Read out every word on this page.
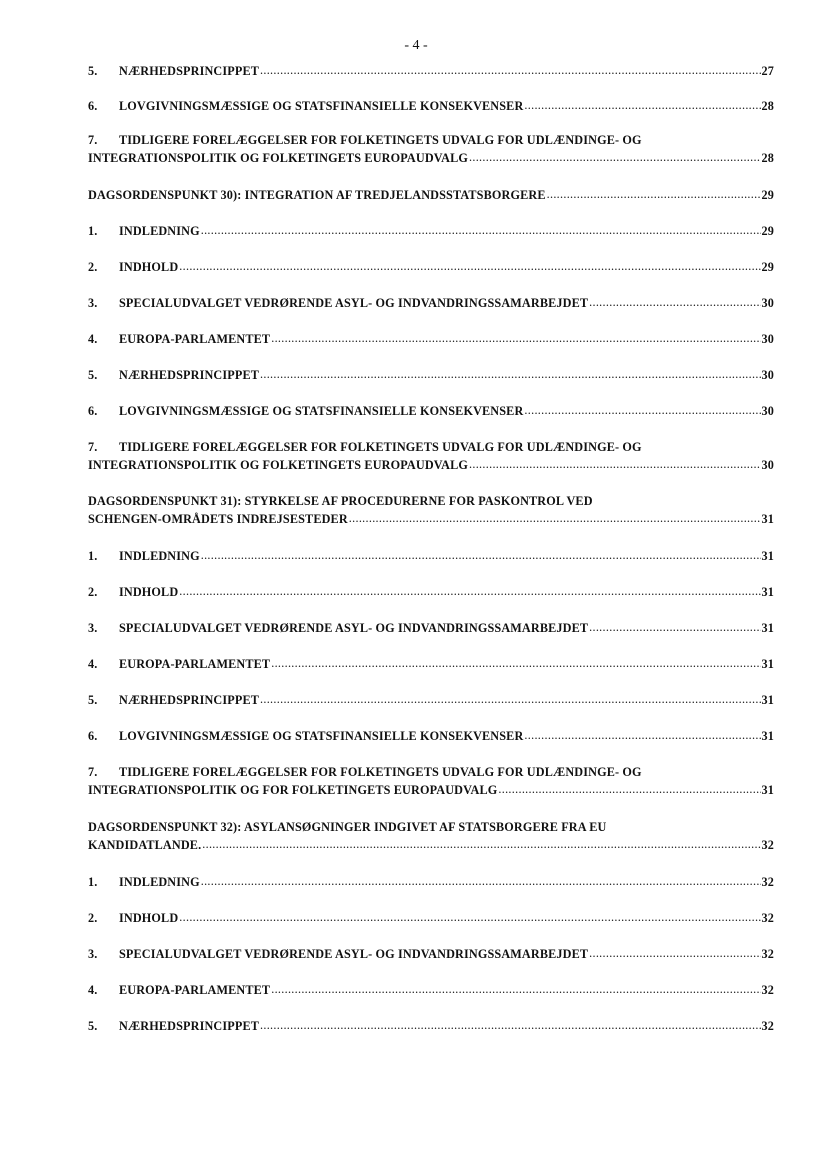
- 4 -
5.	NÆRHEDSPRINCIPPET .....	27
6.	LOVGIVNINGSMÆSSIGE OG STATSFINANSIELLE KONSEKVENSER .....	28
7.	TIDLIGERE FORELÆGGELSER FOR FOLKETINGETS UDVALG FOR UDLÆNDINGE- OG
INTEGRATIONSPOLITIK OG FOLKETINGETS EUROPAUDVALG .....	28
DAGSORDENSPUNKT 30): INTEGRATION AF TREDJELANDSSTATSBORGERE .....	29
1.	INDLEDNING .....	29
2.	INDHOLD .....	29
3.	SPECIALUDVALGET VEDRØRENDE ASYL- OG INDVANDRINGSSAMARBEJDET .....	30
4.	EUROPA-PARLAMENTET .....	30
5.	NÆRHEDSPRINCIPPET .....	30
6.	LOVGIVNINGSMÆSSIGE OG STATSFINANSIELLE KONSEKVENSER .....	30
7.	TIDLIGERE FORELÆGGELSER FOR FOLKETINGETS UDVALG FOR UDLÆNDINGE- OG
INTEGRATIONSPOLITIK OG FOLKETINGETS EUROPAUDVALG .....	30
DAGSORDENSPUNKT 31): STYRKELSE AF PROCEDURERNE FOR PASKONTROL VED
SCHENGEN-OMRÅDETS INDREJSESTEDER .....	31
1.	INDLEDNING .....	31
2.	INDHOLD .....	31
3.	SPECIALUDVALGET VEDRØRENDE ASYL- OG INDVANDRINGSSAMARBEJDET .....	31
4.	EUROPA-PARLAMENTET .....	31
5.	NÆRHEDSPRINCIPPET .....	31
6.	LOVGIVNINGSMÆSSIGE OG STATSFINANSIELLE KONSEKVENSER .....	31
7.	TIDLIGERE FORELÆGGELSER FOR FOLKETINGETS UDVALG FOR UDLÆNDINGE- OG
INTEGRATIONSPOLITIK OG FOR FOLKETINGETS EUROPAUDVALG .....	31
DAGSORDENSPUNKT 32): ASYLANSØGNINGER INDGIVET AF STATSBORGERE FRA EU
KANDIDATLANDE. .....	32
1.	INDLEDNING .....	32
2.	INDHOLD .....	32
3.	SPECIALUDVALGET VEDRØRENDE ASYL- OG INDVANDRINGSSAMARBEJDET .....	32
4.	EUROPA-PARLAMENTET .....	32
5.	NÆRHEDSPRINCIPPET .....	32
